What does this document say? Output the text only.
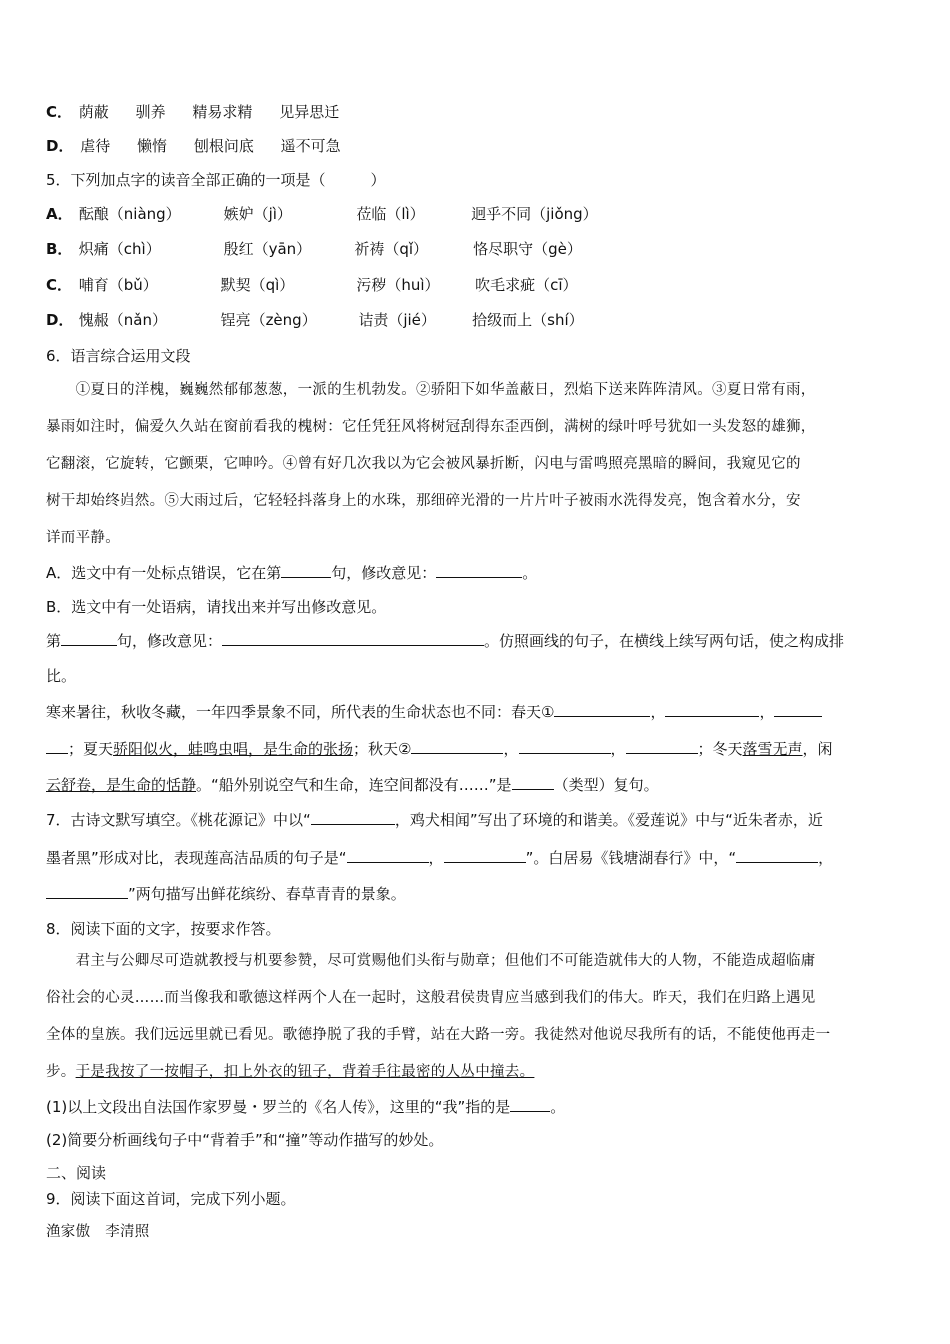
C． 荫蔽 驯养 精易求精 见异思迁
D． 虐待 懒惰 刨根问底 遥不可急
5．下列加点字的读音全部正确的一项是（　　　）
A． 酝酿（niàng）	嫉妒（jì）	莅临（lì）	迥乎不同（jiǒng）
B． 炽痛（chì）	殷红（yān）	祈祷（qǐ）	恪尽职守（gè）
C． 哺育（bǔ）	默契（qì）	污秽（huì） 吹毛求疵（cī）
D． 愧赧（nǎn）	锃亮（zèng）	诘责（jié） 拾级而上（shí）
6．语言综合运用文段
　　①夏日的洋槐，巍巍然郁郁葱葱，一派的生机勃发。②骄阳下如华盖蔽日，烈焰下送来阵阵清风。③夏日常有雨，
暴雨如注时，偏爱久久站在窗前看我的槐树：它任凭狂风将树冠刮得东歪西倒，满树的绿叶呼号犹如一头发怒的雄狮，
它翻滚，它旋转，它颤栗，它呻吟。④曾有好几次我以为它会被风暴折断，闪电与雷鸣照亮黑暗的瞬间，我窥见它的
树干却始终岿然。⑤大雨过后，它轻轻抖落身上的水珠，那细碎光滑的一片片叶子被雨水洗得发亮，饱含着水分，安
详而平静。
A．选文中有一处标点错误，它在第	句，修改意见：	。
B．选文中有一处语病，请找出来并写出修改意见。
第	句，修改意见：	。仿照画线的句子，在横线上续写两句话，使之构成排
比。
寒来暑往，秋收冬藏，一年四季景象不同，所代表的生命状态也不同：春天①	，	，
；夏天骄阳似火，蛙鸣虫唱，是生命的张扬；秋天②	，	，	；冬天落雪无声，闲
云舒卷，是生命的恬静。“船外别说空气和生命，连空间都没有……”是	（类型）复句。
7．古诗文默写填空。《桃花源记》中以“	，鸡犬相闻”写出了环境的和谐美。《爱莲说》中与“近朱者赤，近
墨者黑”形成对比，表现莲高洁品质的句子是“	，	”。白居易《钱塘湖春行》中，“	，
”两句描写出鲜花缤纷、春草青青的景象。
8．阅读下面的文字，按要求作答。
　　君主与公卿尽可造就教授与机要参赞，尽可赏赐他们头衔与勋章；但他们不可能造就伟大的人物，不能造成超临庸
俗社会的心灵……而当像我和歌德这样两个人在一起时，这般君侯贵胄应当感到我们的伟大。昨天，我们在归路上遇见
全体的皇族。我们远远里就已看见。歌德挣脱了我的手臂，站在大路一旁。我徒然对他说尽我所有的话，不能使他再走一
步。于是我按了一按帽子，扣上外衣的钮子，背着手往最密的人丛中撞去。
(1)以上文段出自法国作家罗曼・罗兰的《名人传》，这里的“我”指的是	。
(2)简要分析画线句子中“背着手”和“撞”等动作描写的妙处。
二、阅读
9．阅读下面这首词，完成下列小题。
渔家傲　李清照
